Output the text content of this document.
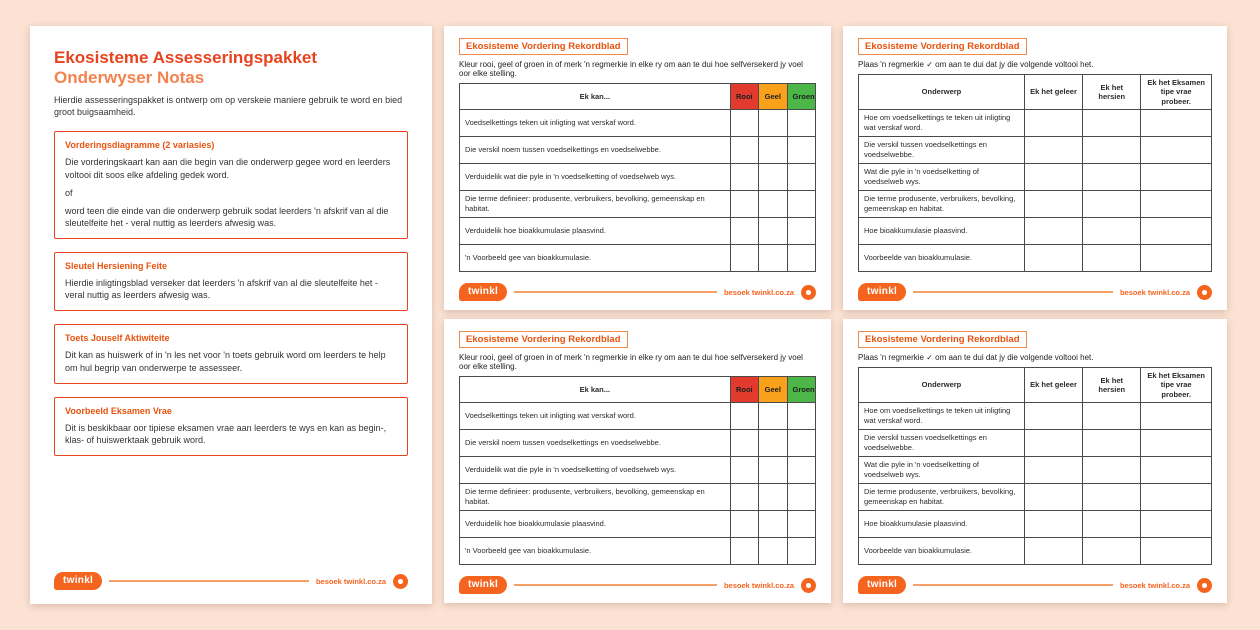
Ekosisteme Assesseringspakket Onderwyser Notas

Hierdie assesseringspakket is ontwerp om op verskeie maniere gebruik te word en bied groot buigsaamheid.

Vorderingsdiagramme (2 variasies)

Die vorderingskaart kan aan die begin van die onderwerp gegee word en leerders voltooi dit soos elke afdeling gedek word.

of

word teen die einde van die onderwerp gebruik sodat leerders 'n afskrif van al die sleutelfeite het - veral nuttig as leerders afwesig was.

Sleutel Hersiening Feite

Hierdie inligtingsblad verseker dat leerders 'n afskrif van al die sleutelfeite het - veral nuttig as leerders afwesig was.

Toets Jouself Aktiwiteite

Dit kan as huiswerk of in 'n les net voor 'n toets gebruik word om leerders te help om hul begrip van onderwerpe te assesseer.

Voorbeeld Eksamen Vrae

Dit is beskikbaar oor tipiese eksamen vrae aan leerders te wys en kan as begin-, klas- of huiswerktaak gebruik word.

twinkl	besoek twinkl.co.za
Ekosisteme Vordering Rekordblad

Kleur rooi, geel of groen in of merk 'n regmerkie in elke ry om aan te dui hoe selfversekerd jy voel oor elke stelling.

Ek kan...	Rooi	Geel	Groen
Voedselkettings teken uit inligting wat verskaf word.			
Die verskil noem tussen voedselkettings en voedselwebbe.			
Verduidelik wat die pyle in 'n voedselketting of voedselweb wys.			
Die terme definieer: produsente, verbruikers, bevolking, gemeenskap en habitat.			
Verduidelik hoe bioakkumulasie plaasvind.			
'n Voorbeeld gee van bioakkumulasie.			
twinkl	besoek twinkl.co.za
Ekosisteme Vordering Rekordblad

Kleur rooi, geel of groen in of merk 'n regmerkie in elke ry om aan te dui hoe selfversekerd jy voel oor elke stelling.

Ek kan...	Rooi	Geel	Groen
Voedselkettings teken uit inligting wat verskaf word.			
Die verskil noem tussen voedselkettings en voedselwebbe.			
Verduidelik wat die pyle in 'n voedselketting of voedselweb wys.			
Die terme definieer: produsente, verbruikers, bevolking, gemeenskap en habitat.			
Verduidelik hoe bioakkumulasie plaasvind.			
'n Voorbeeld gee van bioakkumulasie.			
twinkl	besoek twinkl.co.za
Ekosisteme Vordering Rekordblad

Plaas 'n regmerkie ✓ om aan te dui dat jy die volgende voltooi het.

Onderwerp	Ek het geleer	Ek het hersien	Ek het Eksamen tipe vrae probeer.
Hoe om voedselkettings te teken uit inligting wat verskaf word.			
Die verskil tussen voedselkettings en voedselwebbe.			
Wat die pyle in 'n voedselketting of voedselweb wys.			
Die terme produsente, verbruikers, bevolking, gemeenskap en habitat.			
Hoe bioakkumulasie plaasvind.			
Voorbeelde van bioakkumulasie.			
twinkl	besoek twinkl.co.za
Ekosisteme Vordering Rekordblad

Plaas 'n regmerkie ✓ om aan te dui dat jy die volgende voltooi het.

Onderwerp	Ek het geleer	Ek het hersien	Ek het Eksamen tipe vrae probeer.
Hoe om voedselkettings te teken uit inligting wat verskaf word.			
Die verskil tussen voedselkettings en voedselwebbe.			
Wat die pyle in 'n voedselketting of voedselweb wys.			
Die terme produsente, verbruikers, bevolking, gemeenskap en habitat.			
Hoe bioakkumulasie plaasvind.			
Voorbeelde van bioakkumulasie.			
twinkl	besoek twinkl.co.za
